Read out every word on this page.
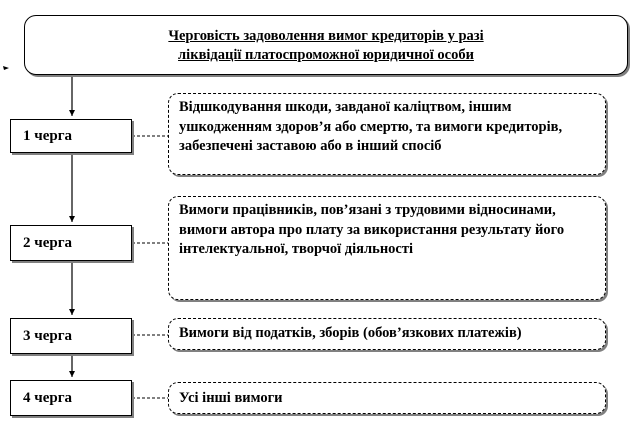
Черговість задоволення вимог кредиторів у разі
ліквідації платоспроможної юридичної особи
1 черга
Відшкодування шкоди, завданої каліцтвом, іншим ушкодженням здоров’я або смертю, та вимоги кредиторів, забезпечені заставою або в інший спосіб
2 черга
Вимоги працівників, пов’язані з трудовими відносинами, вимоги автора про плату за використання результату його інтелектуальної, творчої діяльності
3 черга	Вимоги від податків, зборів (обов’язкових платежів)
4 черга	Усі інші вимоги
